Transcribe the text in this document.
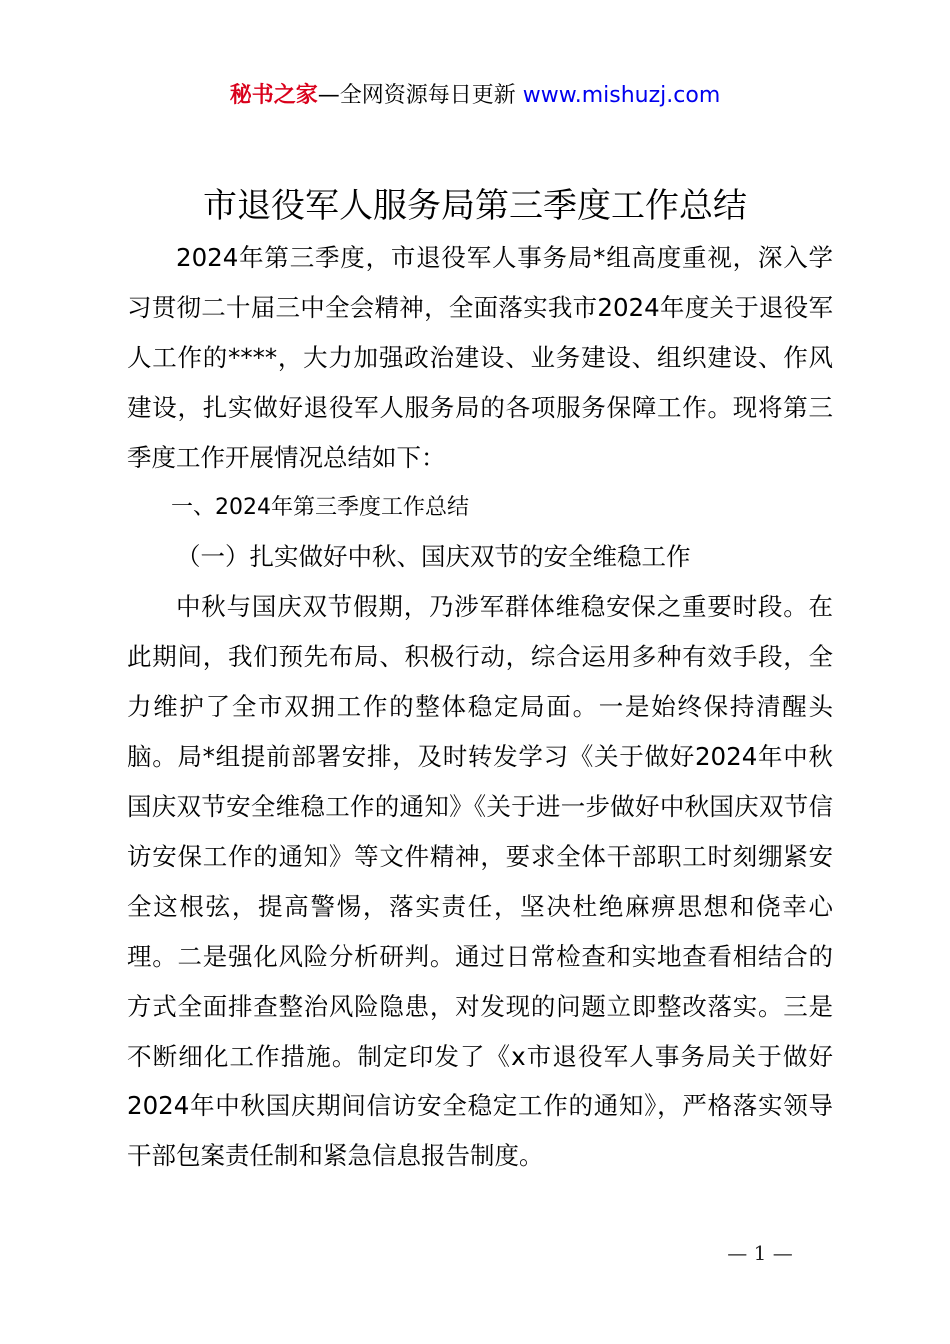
秘书之家—全网资源每日更新 www.mishuzj.com
市退役军人服务局第三季度工作总结

2024年第三季度，市退役军人事务局*组高度重视，深入学习贯彻二十届三中全会精神，全面落实我市2024年度关于退役军人工作的****，大力加强政治建设、业务建设、组织建设、作风建设，扎实做好退役军人服务局的各项服务保障工作。现将第三季度工作开展情况总结如下：

一、2024年第三季度工作总结

（一）扎实做好中秋、国庆双节的安全维稳工作

中秋与国庆双节假期，乃涉军群体维稳安保之重要时段。在此期间，我们预先布局、积极行动，综合运用多种有效手段，全力维护了全市双拥工作的整体稳定局面。一是始终保持清醒头脑。局*组提前部署安排，及时转发学习《关于做好2024年中秋国庆双节安全维稳工作的通知》《关于进一步做好中秋国庆双节信访安保工作的通知》等文件精神，要求全体干部职工时刻绷紧安全这根弦，提高警惕，落实责任，坚决杜绝麻痹思想和侥幸心理。二是强化风险分析研判。通过日常检查和实地查看相结合的方式全面排查整治风险隐患，对发现的问题立即整改落实。三是不断细化工作措施。制定印发了《x市退役军人事务局关于做好2024年中秋国庆期间信访安全稳定工作的通知》，严格落实领导干部包案责任制和紧急信息报告制度。

— 1 —
